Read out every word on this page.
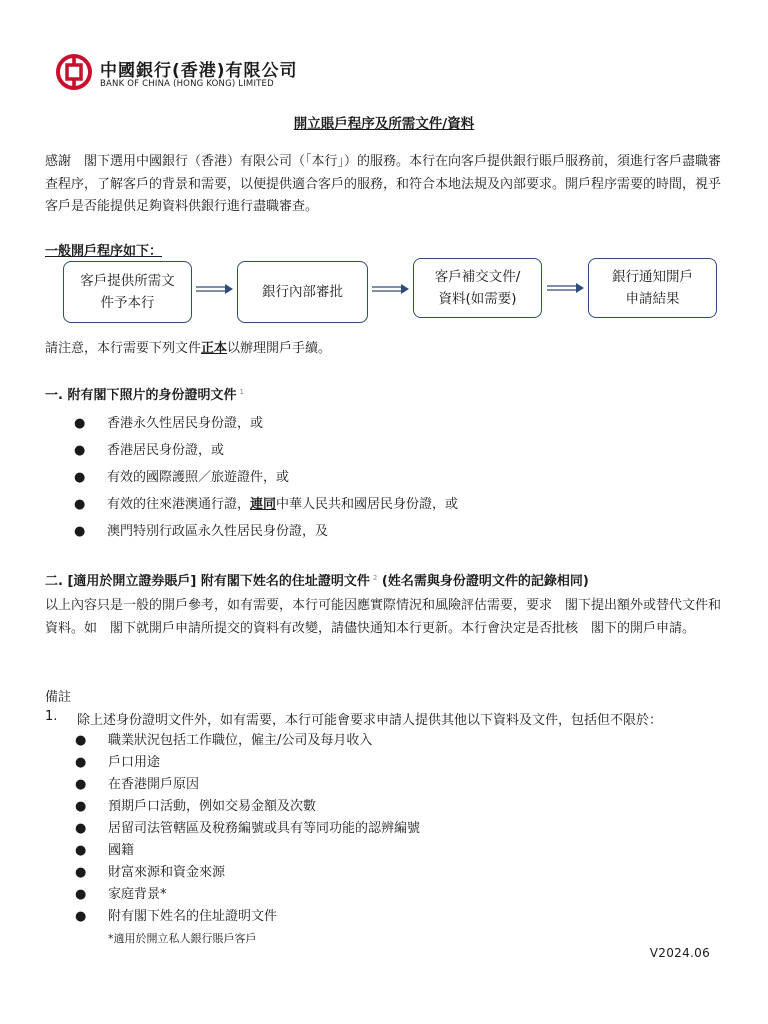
中國銀行(香港)有限公司
BANK OF CHINA (HONG KONG) LIMITED
開立賬戶程序及所需文件/資料
感謝　閣下選用中國銀行（香港）有限公司（「本行」）的服務。本行在向客戶提供銀行賬戶服務前，須進行客戶盡職審查程序，了解客戶的背景和需要，以便提供適合客戶的服務，和符合本地法規及內部要求。開戶程序需要的時間，視乎客戶是否能提供足夠資料供銀行進行盡職審查。
一般開戶程序如下：
客戶提供所需文
件予本行
銀行內部審批
客戶補交文件/
資料(如需要)
銀行通知開戶
申請結果
請注意，本行需要下列文件正本以辦理開戶手續。
一. 附有閣下照片的身份證明文件 $^1$
● 香港永久性居民身份證，或
● 香港居民身份證，或
● 有效的國際護照／旅遊證件，或
● 有效的往來港澳通行證，連同中華人民共和國居民身份證，或
● 澳門特別行政區永久性居民身份證，及
二. [適用於開立證券賬戶] 附有閣下姓名的住址證明文件 $^2$ (姓名需與身份證明文件的記錄相同)
以上內容只是一般的開戶參考，如有需要，本行可能因應實際情況和風險評估需要，要求　閣下提出額外或替代文件和資料。如　閣下就開戶申請所提交的資料有改變，請儘快通知本行更新。本行會決定是否批核　閣下的開戶申請。
備註
1. 除上述身份證明文件外，如有需要，本行可能會要求申請人提供其他以下資料及文件，包括但不限於：
● 職業狀況包括工作職位，僱主/公司及每月收入
● 戶口用途
● 在香港開戶原因
● 預期戶口活動，例如交易金額及次數
● 居留司法管轄區及稅務編號或具有等同功能的認辨編號
● 國籍
● 財富來源和資金來源
● 家庭背景*
● 附有閣下姓名的住址證明文件
*適用於開立私人銀行賬戶客戶
V2024.06
